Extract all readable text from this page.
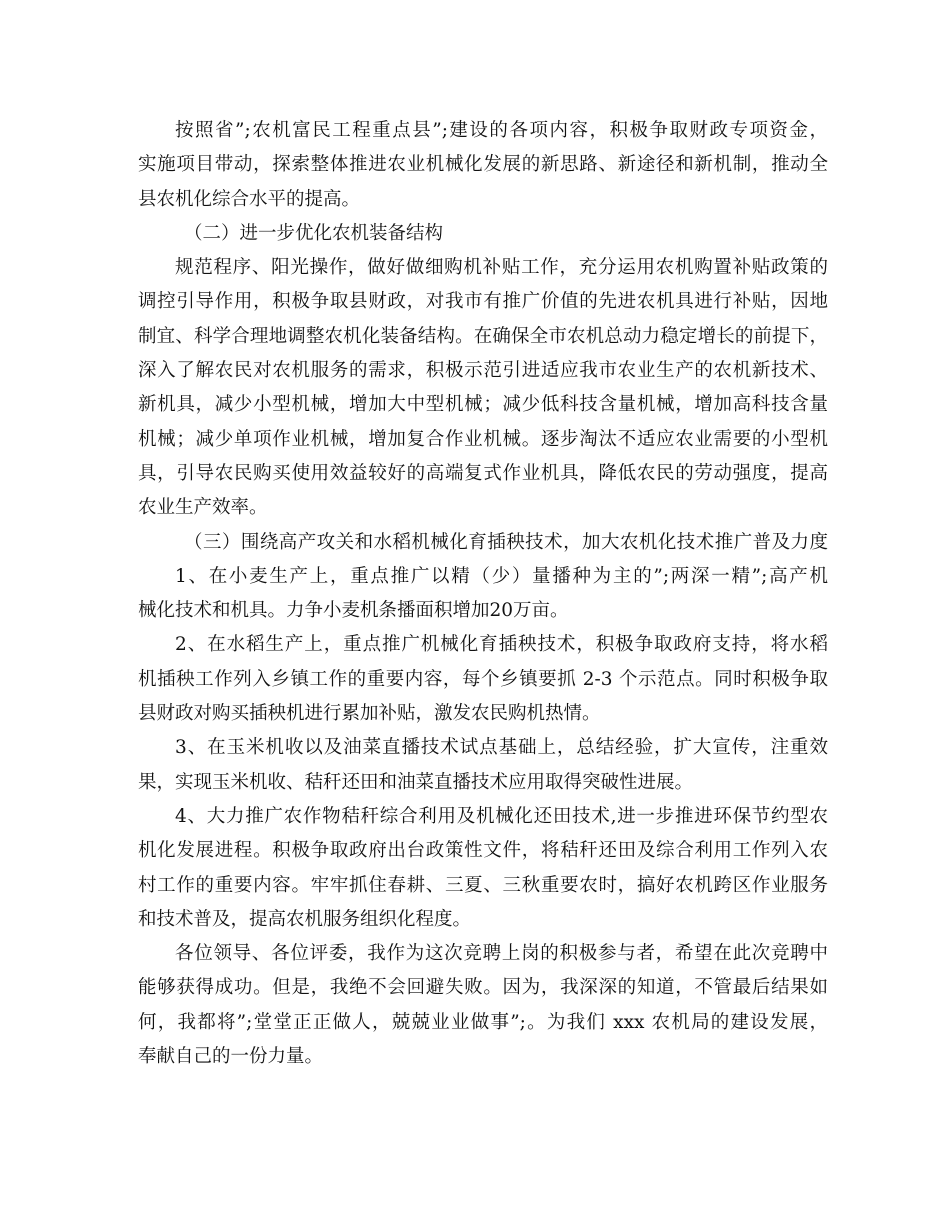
按照省”;农机富民工程重点县”;建设的各项内容，积极争取财政专项资金，
实施项目带动，探索整体推进农业机械化发展的新思路、新途径和新机制，推动全
县农机化综合水平的提高。
（二）进一步优化农机装备结构
规范程序、阳光操作，做好做细购机补贴工作，充分运用农机购置补贴政策的
调控引导作用，积极争取县财政，对我市有推广价值的先进农机具进行补贴，因地
制宜、科学合理地调整农机化装备结构。在确保全市农机总动力稳定增长的前提下，
深入了解农民对农机服务的需求，积极示范引进适应我市农业生产的农机新技术、
新机具，减少小型机械，增加大中型机械；减少低科技含量机械，增加高科技含量
机械；减少单项作业机械，增加复合作业机械。逐步淘汰不适应农业需要的小型机
具，引导农民购买使用效益较好的高端复式作业机具，降低农民的劳动强度，提高
农业生产效率。
（三）围绕高产攻关和水稻机械化育插秧技术，加大农机化技术推广普及力度
1、在小麦生产上，重点推广以精（少）量播种为主的”;两深一精”;高产机
械化技术和机具。力争小麦机条播面积增加20万亩。
2、在水稻生产上，重点推广机械化育插秧技术，积极争取政府支持，将水稻
机插秧工作列入乡镇工作的重要内容，每个乡镇要抓 2-3 个示范点。同时积极争取
县财政对购买插秧机进行累加补贴，激发农民购机热情。
3、在玉米机收以及油菜直播技术试点基础上，总结经验，扩大宣传，注重效
果，实现玉米机收、秸秆还田和油菜直播技术应用取得突破性进展。
4、大力推广农作物秸秆综合利用及机械化还田技术,进一步推进环保节约型农
机化发展进程。积极争取政府出台政策性文件，将秸秆还田及综合利用工作列入农
村工作的重要内容。牢牢抓住春耕、三夏、三秋重要农时，搞好农机跨区作业服务
和技术普及，提高农机服务组织化程度。
各位领导、各位评委，我作为这次竞聘上岗的积极参与者，希望在此次竞聘中
能够获得成功。但是，我绝不会回避失败。因为，我深深的知道，不管最后结果如
何，我都将”;堂堂正正做人，兢兢业业做事”;。为我们 xxx 农机局的建设发展，
奉献自己的一份力量。
